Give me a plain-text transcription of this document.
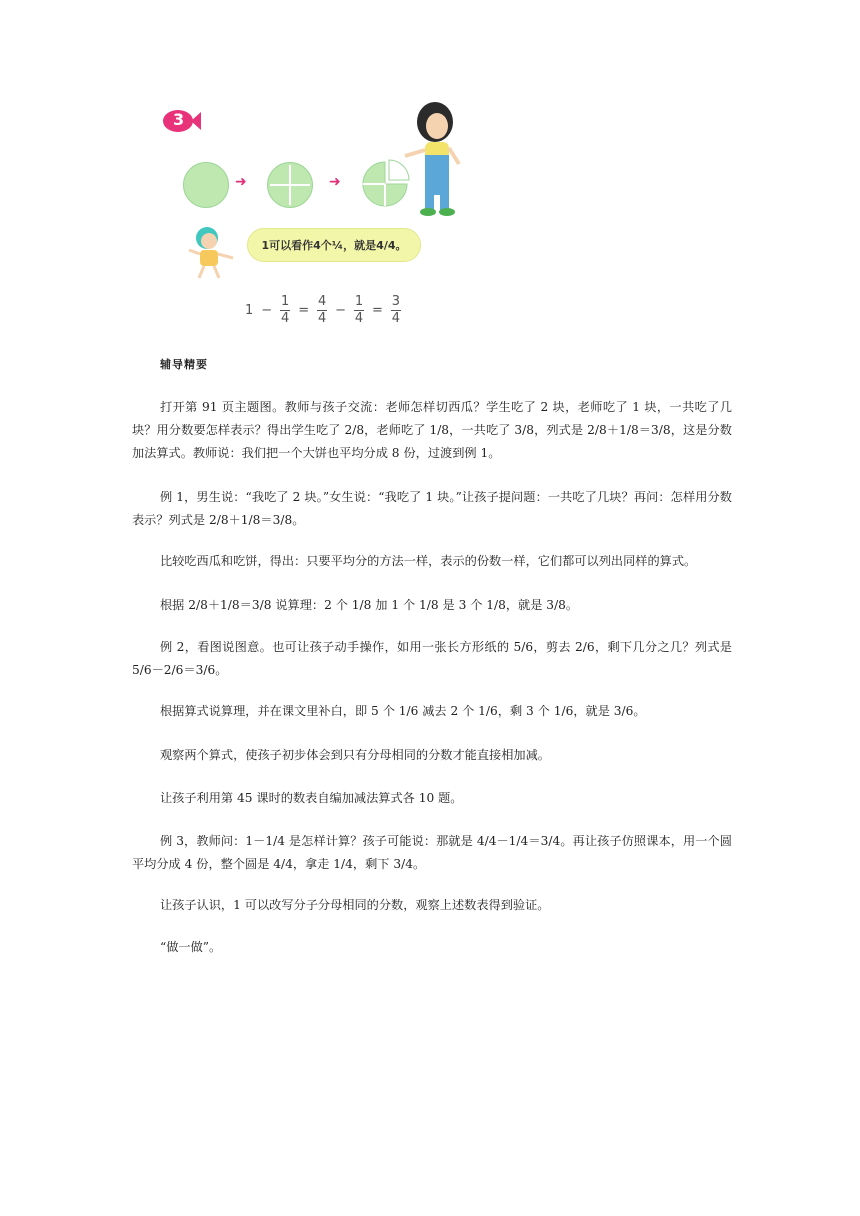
3
➜	➜
1可以看作4个¼，就是4/4。
$1 - \frac{1}{4} = \frac{4}{4} - \frac{1}{4} = \frac{3}{4}$
辅导精要

打开第 91 页主题图。教师与孩子交流：老师怎样切西瓜？学生吃了 2 块，老师吃了 1 块，一共吃了几块？用分数要怎样表示？得出学生吃了 2/8，老师吃了 1/8，一共吃了 3/8，列式是 2/8＋1/8＝3/8，这是分数加法算式。教师说：我们把一个大饼也平均分成 8 份，过渡到例 1。

例 1，男生说：“我吃了 2 块。”女生说：“我吃了 1 块。”让孩子提问题：一共吃了几块？再问：怎样用分数表示？列式是 2/8＋1/8＝3/8。

比较吃西瓜和吃饼，得出：只要平均分的方法一样，表示的份数一样，它们都可以列出同样的算式。

根据 2/8＋1/8＝3/8 说算理：2 个 1/8 加 1 个 1/8 是 3 个 1/8，就是 3/8。

例 2，看图说图意。也可让孩子动手操作，如用一张长方形纸的 5/6，剪去 2/6，剩下几分之几？列式是 5/6－2/6＝3/6。

根据算式说算理，并在课文里补白，即 5 个 1/6 减去 2 个 1/6，剩 3 个 1/6，就是 3/6。

观察两个算式，使孩子初步体会到只有分母相同的分数才能直接相加减。

让孩子利用第 45 课时的数表自编加减法算式各 10 题。

例 3，教师问：1－1/4 是怎样计算？孩子可能说：那就是 4/4－1/4＝3/4。再让孩子仿照课本，用一个圆平均分成 4 份，整个圆是 4/4，拿走 1/4，剩下 3/4。

让孩子认识，1 可以改写分子分母相同的分数，观察上述数表得到验证。

“做一做”。
